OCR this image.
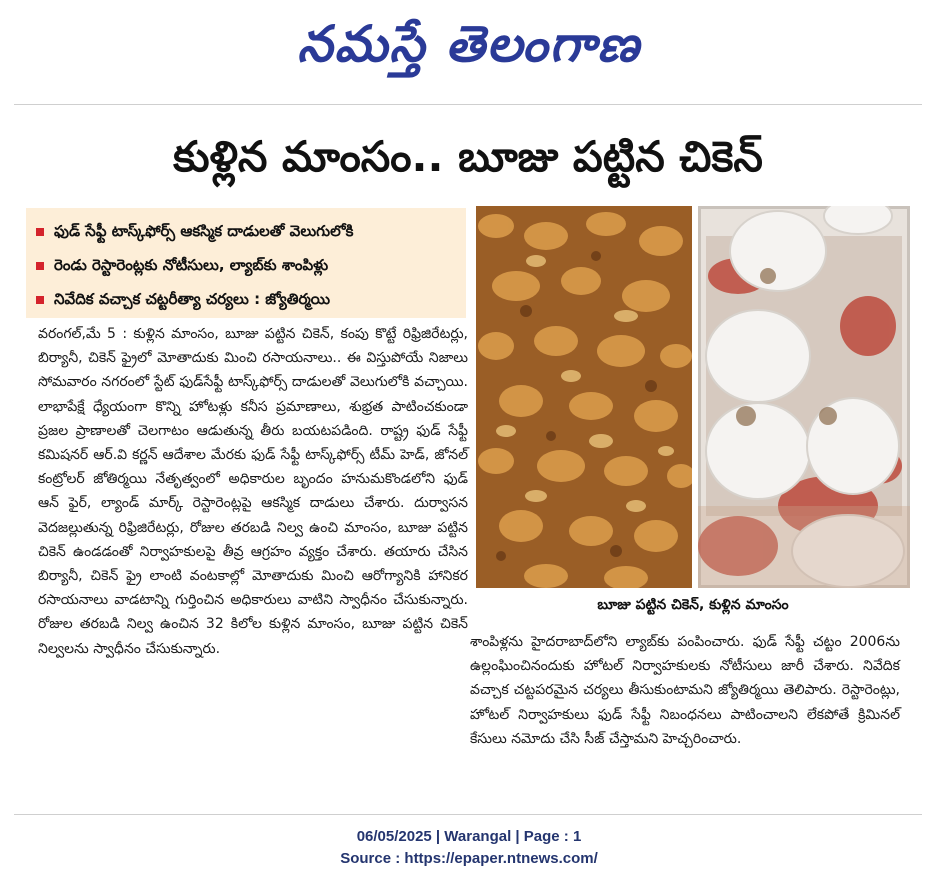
నమస్తే తెలంగాణ
కుళ్లిన మాంసం.. బూజు పట్టిన చికెన్
ఫుడ్ సేఫ్టీ టాస్క్‌ఫోర్స్ ఆకస్మిక దాడులతో వెలుగులోకి
రెండు రెస్టారెంట్లకు నోటీసులు, ల్యాబ్‌కు శాంపిళ్లు
నివేదిక వచ్చాక చట్టరీత్యా చర్యలు : జ్యోతిర్మయి

వరంగల్,మే 5 : కుళ్లిన మాంసం, బూజు పట్టిన చికెన్, కంపు కొట్టే రిఫ్రిజిరేటర్లు, బిర్యానీ, చికెన్ ఫ్రైలో మోతాదుకు మించి రసాయనాలు.. ఈ విస్తుపోయే నిజాలు సోమవారం నగరంలో స్టేట్ ఫుడ్‌సేఫ్టీ టాస్క్‌ఫోర్స్ దాడులతో వెలుగులోకి వచ్చాయి. లాభాపేక్షే ధ్యేయంగా కొన్ని హోటళ్లు కనీస ప్రమాణాలు, శుభ్రత పాటించకుండా ప్రజల ప్రాణాలతో చెలగాటం ఆడుతున్న తీరు బయటపడింది. రాష్ట్ర ఫుడ్ సేఫ్టీ కమిషనర్ ఆర్.వి కర్ణన్ ఆదేశాల మేరకు ఫుడ్ సేఫ్టీ టాస్క్‌ఫోర్స్ టీమ్ హెడ్, జోనల్ కంట్రోలర్ జోతిర్మయి నేతృత్వంలో అధికారుల బృందం హనుమకొండలోని ఫుడ్ ఆన్ ఫైర్, ల్యాండ్ మార్క్ రెస్టారెంట్లపై ఆకస్మిక దాడులు చేశారు. దుర్వాసన వెదజల్లుతున్న రిఫ్రిజిరేటర్లు, రోజుల తరబడి నిల్వ ఉంచి మాంసం, బూజు పట్టిన చికెన్ ఉండడంతో నిర్వాహకులపై తీవ్ర ఆగ్రహం వ్యక్తం చేశారు. తయారు చేసిన బిర్యానీ, చికెన్ ఫ్రై లాంటి వంటకాల్లో మోతాదుకు మించి ఆరోగ్యానికి హానికర రసాయనాలు వాడటాన్ని గుర్తించిన అధికారులు వాటిని స్వాధీనం చేసుకున్నారు. రోజుల తరబడి నిల్వ ఉంచిన 32 కిలోల కుళ్లిన మాంసం, బూజు పట్టిన చికెన్ నిల్వలను స్వాధీనం చేసుకున్నారు.

బూజు పట్టిన చికెన్, కుళ్లిన మాంసం

శాంపిళ్లను హైదరాబాద్‌లోని ల్యాబ్‌కు పంపించారు. ఫుడ్ సేఫ్టీ చట్టం 2006ను ఉల్లంఘించినందుకు హోటల్ నిర్వాహకులకు నోటీసులు జారీ చేశారు. నివేదిక వచ్చాక చట్టపరమైన చర్యలు తీసుకుంటామని జ్యోతిర్మయి తెలిపారు. రెస్టారెంట్లు, హోటల్ నిర్వాహకులు ఫుడ్ సేఫ్టీ నిబంధనలు పాటించాలని లేకపోతే క్రిమినల్ కేసులు నమోదు చేసి సీజ్ చేస్తామని హెచ్చరించారు.

06/05/2025 | Warangal | Page : 1
Source : https://epaper.ntnews.com/
